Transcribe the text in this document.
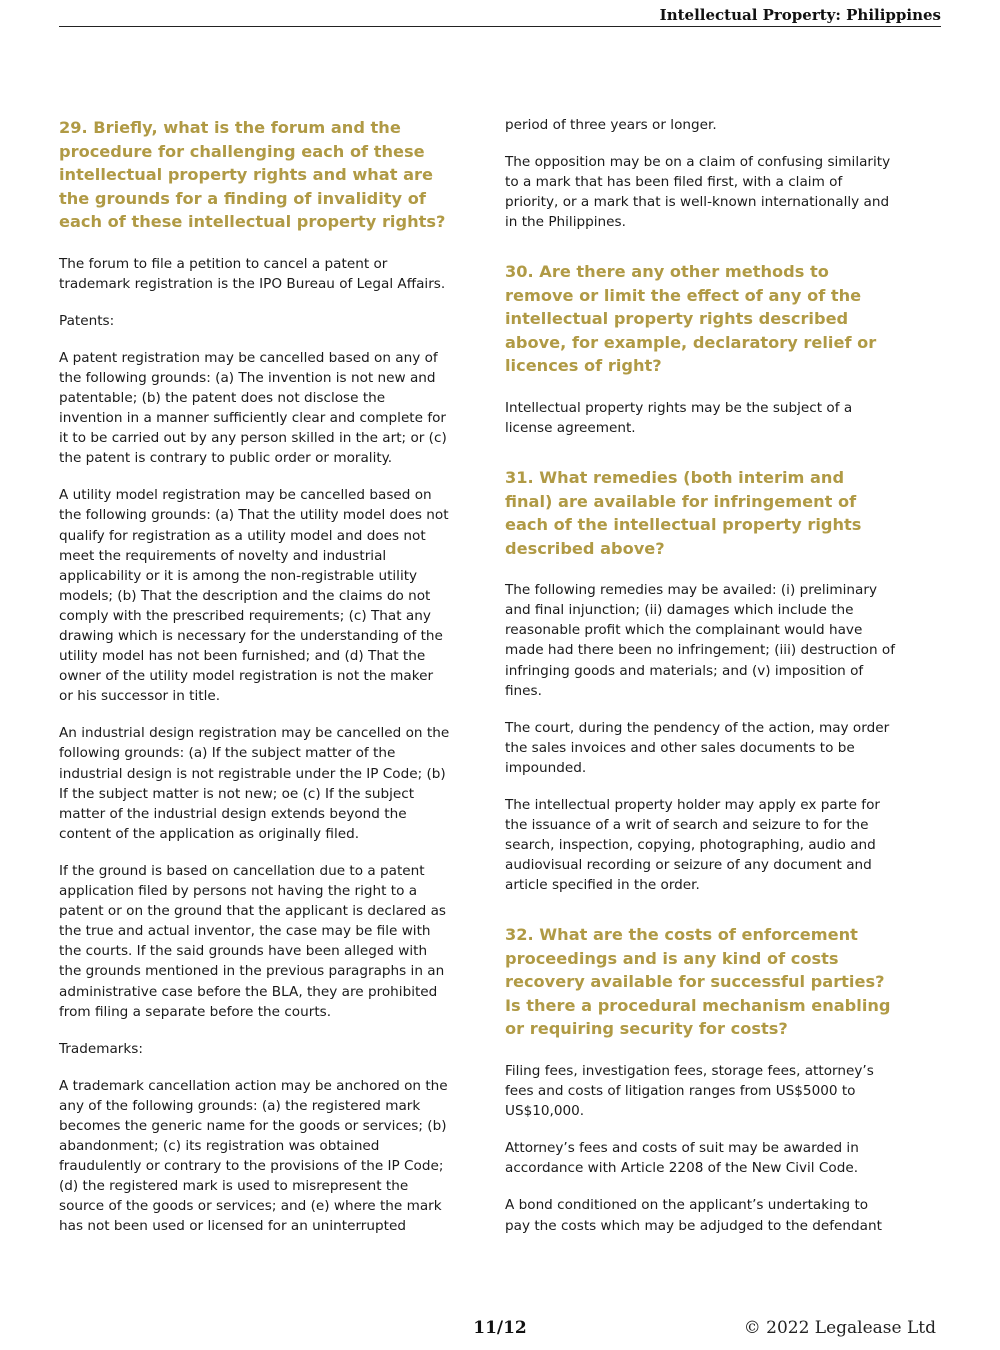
Intellectual Property: Philippines
29. Briefly, what is the forum and the procedure for challenging each of these intellectual property rights and what are the grounds for a finding of invalidity of each of these intellectual property rights?

The forum to file a petition to cancel a patent or trademark registration is the IPO Bureau of Legal Affairs.

Patents:

A patent registration may be cancelled based on any of the following grounds: (a) The invention is not new and patentable; (b) the patent does not disclose the invention in a manner sufficiently clear and complete for it to be carried out by any person skilled in the art; or (c) the patent is contrary to public order or morality.

A utility model registration may be cancelled based on the following grounds: (a) That the utility model does not qualify for registration as a utility model and does not meet the requirements of novelty and industrial applicability or it is among the non-registrable utility models; (b) That the description and the claims do not comply with the prescribed requirements; (c) That any drawing which is necessary for the understanding of the utility model has not been furnished; and (d) That the owner of the utility model registration is not the maker or his successor in title.

An industrial design registration may be cancelled on the following grounds: (a) If the subject matter of the industrial design is not registrable under the IP Code; (b) If the subject matter is not new; oe (c) If the subject matter of the industrial design extends beyond the content of the application as originally filed.

If the ground is based on cancellation due to a patent application filed by persons not having the right to a patent or on the ground that the applicant is declared as the true and actual inventor, the case may be file with the courts. If the said grounds have been alleged with the grounds mentioned in the previous paragraphs in an administrative case before the BLA, they are prohibited from filing a separate before the courts.

Trademarks:

A trademark cancellation action may be anchored on the any of the following grounds: (a) the registered mark becomes the generic name for the goods or services; (b) abandonment; (c) its registration was obtained fraudulently or contrary to the provisions of the IP Code; (d) the registered mark is used to misrepresent the source of the goods or services; and (e) where the mark has not been used or licensed for an uninterrupted

period of three years or longer.

The opposition may be on a claim of confusing similarity to a mark that has been filed first, with a claim of priority, or a mark that is well-known internationally and in the Philippines.

30. Are there any other methods to remove or limit the effect of any of the intellectual property rights described above, for example, declaratory relief or licences of right?

Intellectual property rights may be the subject of a license agreement.

31. What remedies (both interim and final) are available for infringement of each of the intellectual property rights described above?

The following remedies may be availed: (i) preliminary and final injunction; (ii) damages which include the reasonable profit which the complainant would have made had there been no infringement; (iii) destruction of infringing goods and materials; and (v) imposition of fines.

The court, during the pendency of the action, may order the sales invoices and other sales documents to be impounded.

The intellectual property holder may apply ex parte for the issuance of a writ of search and seizure to for the search, inspection, copying, photographing, audio and audiovisual recording or seizure of any document and article specified in the order.

32. What are the costs of enforcement proceedings and is any kind of costs recovery available for successful parties? Is there a procedural mechanism enabling or requiring security for costs?

Filing fees, investigation fees, storage fees, attorney’s fees and costs of litigation ranges from US$5000 to US$10,000.

Attorney’s fees and costs of suit may be awarded in accordance with Article 2208 of the New Civil Code.

A bond conditioned on the applicant’s undertaking to pay the costs which may be adjudged to the defendant

11/12	© 2022 Legalease Ltd
